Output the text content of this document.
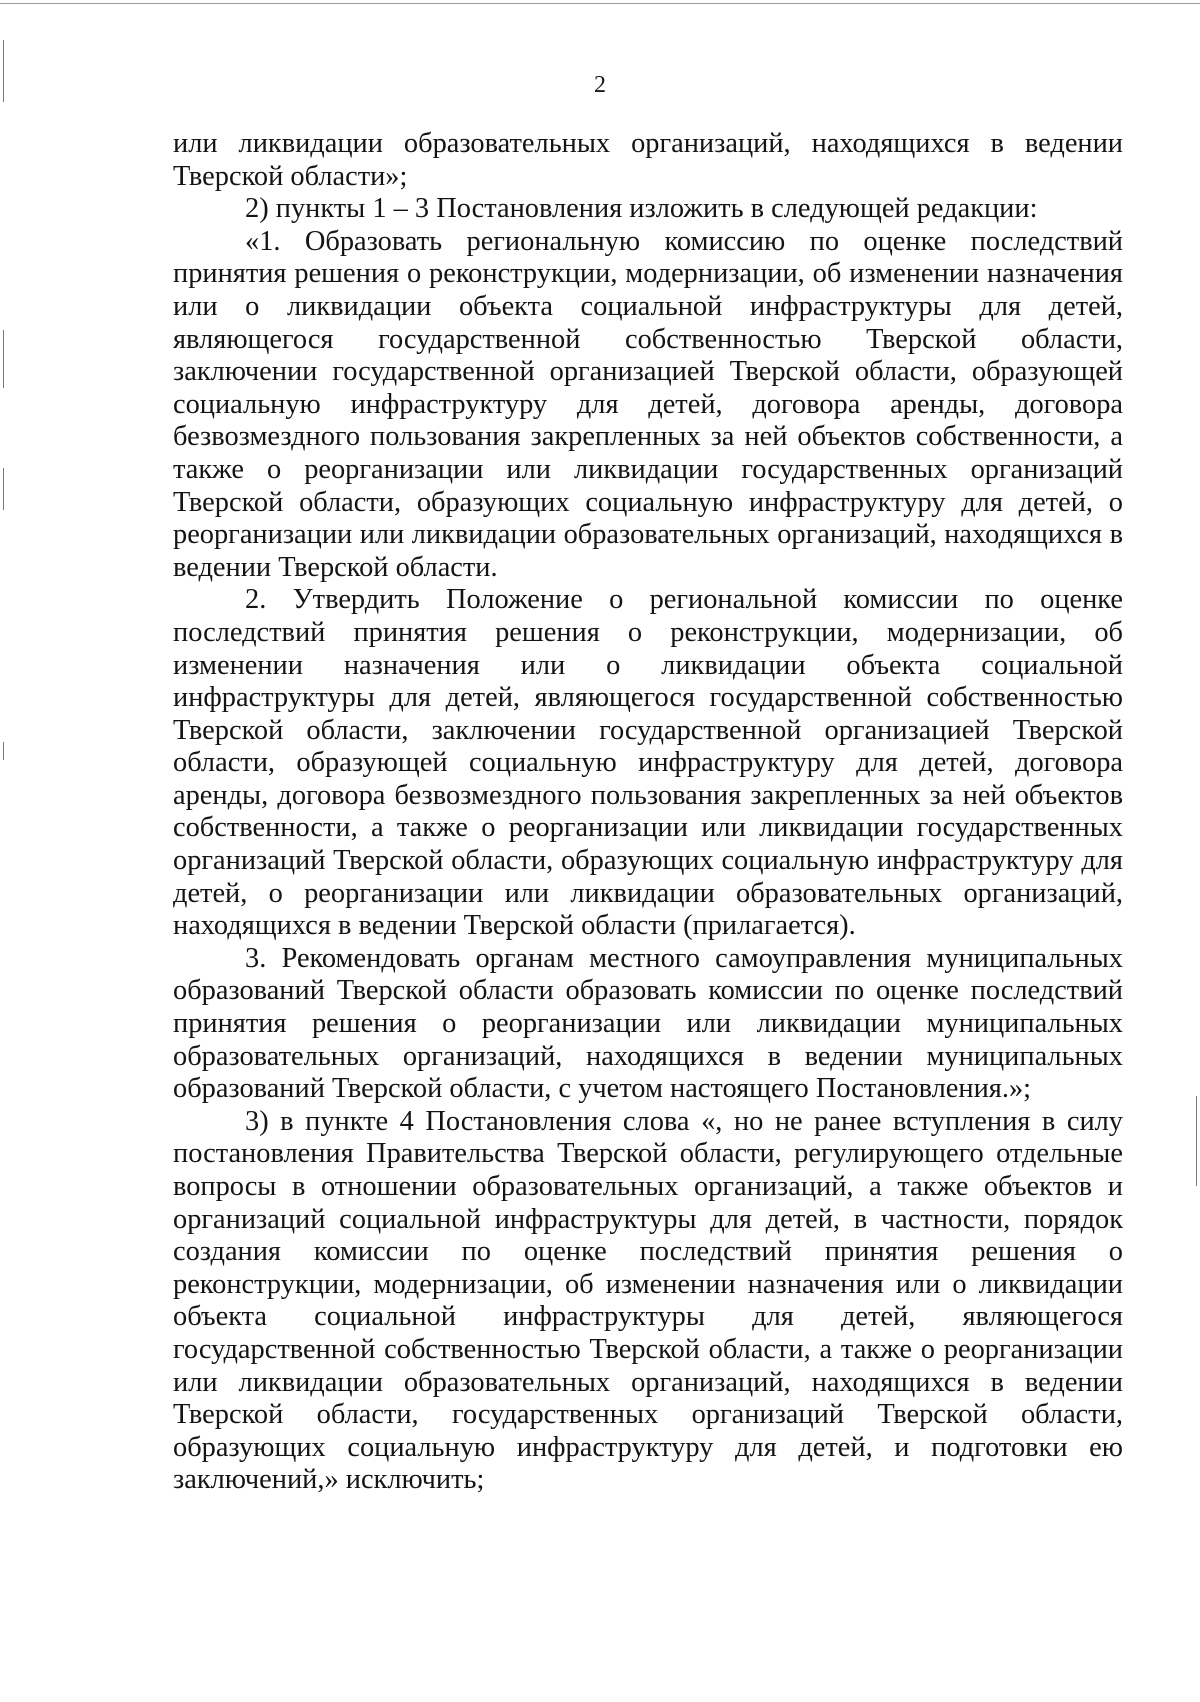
2

или ликвидации образовательных организаций, находящихся в ведении Тверской области»;

2) пункты 1 – 3 Постановления изложить в следующей редакции:

«1. Образовать региональную комиссию по оценке последствий принятия решения о реконструкции, модернизации, об изменении назначения или о ликвидации объекта социальной инфраструктуры для детей, являющегося государственной собственностью Тверской области, заключении государственной организацией Тверской области, образующей социальную инфраструктуру для детей, договора аренды, договора безвозмездного пользования закрепленных за ней объектов собственности, а также о реорганизации или ликвидации государственных организаций Тверской области, образующих социальную инфраструктуру для детей, о реорганизации или ликвидации образовательных организаций, находящихся в ведении Тверской области.

2. Утвердить Положение о региональной комиссии по оценке последствий принятия решения о реконструкции, модернизации, об изменении назначения или о ликвидации объекта социальной инфраструктуры для детей, являющегося государственной собственностью Тверской области, заключении государственной организацией Тверской области, образующей социальную инфраструктуру для детей, договора аренды, договора безвозмездного пользования закрепленных за ней объектов собственности, а также о реорганизации или ликвидации государственных организаций Тверской области, образующих социальную инфраструктуру для детей, о реорганизации или ликвидации образовательных организаций, находящихся в ведении Тверской области (прилагается).

3. Рекомендовать органам местного самоуправления муниципальных образований Тверской области образовать комиссии по оценке последствий принятия решения о реорганизации или ликвидации муниципальных образовательных организаций, находящихся в ведении муниципальных образований Тверской области, с учетом настоящего Постановления.»;

3) в пункте 4 Постановления слова «, но не ранее вступления в силу постановления Правительства Тверской области, регулирующего отдельные вопросы в отношении образовательных организаций, а также объектов и организаций социальной инфраструктуры для детей, в частности, порядок создания комиссии по оценке последствий принятия решения о реконструкции, модернизации, об изменении назначения или о ликвидации объекта социальной инфраструктуры для детей, являющегося государственной собственностью Тверской области, а также о реорганизации или ликвидации образовательных организаций, находящихся в ведении Тверской области, государственных организаций Тверской области, образующих социальную инфраструктуру для детей, и подготовки ею заключений,» исключить;
